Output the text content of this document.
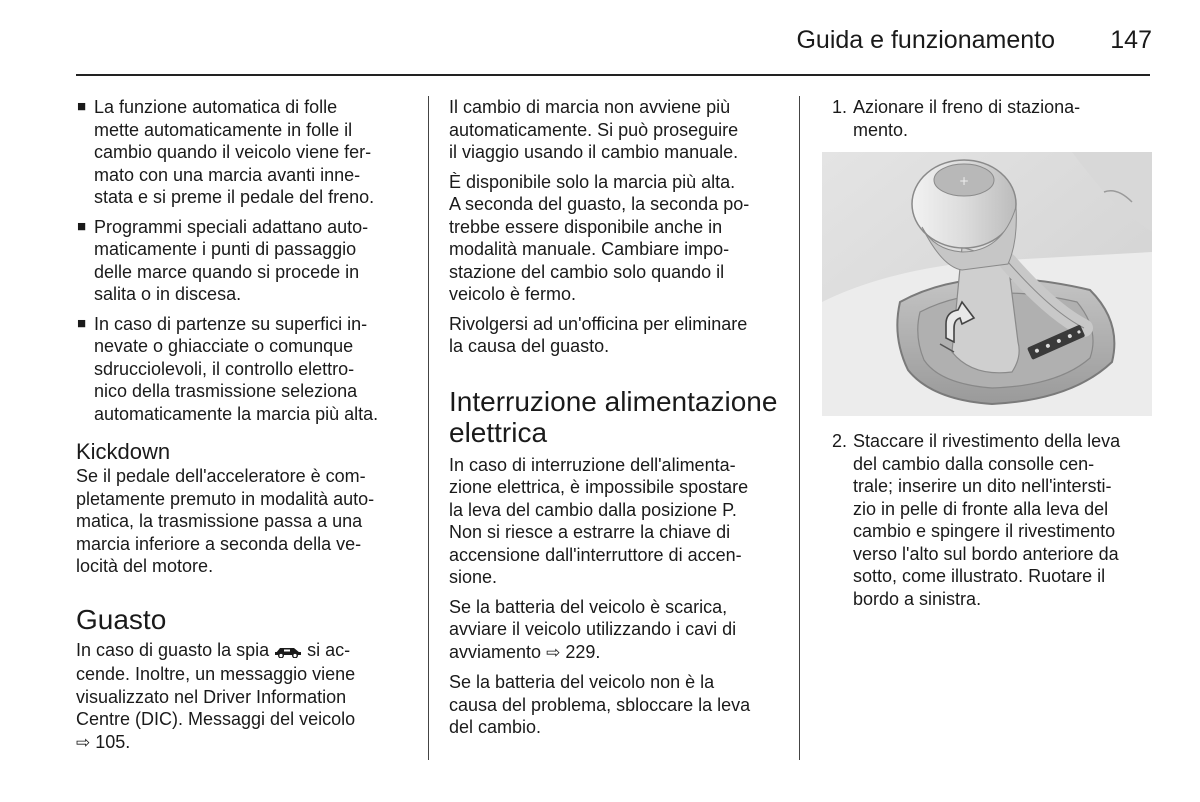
Guida e funzionamento 147
■ La funzione automatica di folle
mette automaticamente in folle il
cambio quando il veicolo viene fer-
mato con una marcia avanti inne-
stata e si preme il pedale del freno.
■ Programmi speciali adattano auto-
maticamente i punti di passaggio
delle marce quando si procede in
salita o in discesa.
■ In caso di partenze su superfici in-
nevate o ghiacciate o comunque
sdrucciolevoli, il controllo elettro-
nico della trasmissione seleziona
automaticamente la marcia più alta.
Kickdown

Se il pedale dell'acceleratore è com-
pletamente premuto in modalità auto-
matica, la trasmissione passa a una
marcia inferiore a seconda della ve-
locità del motore.

Guasto

In caso di guasto la spia si ac-
cende. Inoltre, un messaggio viene
visualizzato nel Driver Information
Centre (DIC). Messaggi del veicolo
⇨ 105.

Il cambio di marcia non avviene più
automaticamente. Si può proseguire
il viaggio usando il cambio manuale.

È disponibile solo la marcia più alta.
A seconda del guasto, la seconda po-
trebbe essere disponibile anche in
modalità manuale. Cambiare impo-
stazione del cambio solo quando il
veicolo è fermo.

Rivolgersi ad un'officina per eliminare
la causa del guasto.

Interruzione alimentazione
elettrica

In caso di interruzione dell'alimenta-
zione elettrica, è impossibile spostare
la leva del cambio dalla posizione P.
Non si riesce a estrarre la chiave di
accensione dall'interruttore di accen-
sione.

Se la batteria del veicolo è scarica,
avviare il veicolo utilizzando i cavi di
avviamento ⇨ 229.

Se la batteria del veicolo non è la
causa del problema, sbloccare la leva
del cambio.

1. Azionare il freno di staziona-
mento.
+
2. Staccare il rivestimento della leva
del cambio dalla consolle cen-
trale; inserire un dito nell'intersti-
zio in pelle di fronte alla leva del
cambio e spingere il rivestimento
verso l'alto sul bordo anteriore da
sotto, come illustrato. Ruotare il
bordo a sinistra.
